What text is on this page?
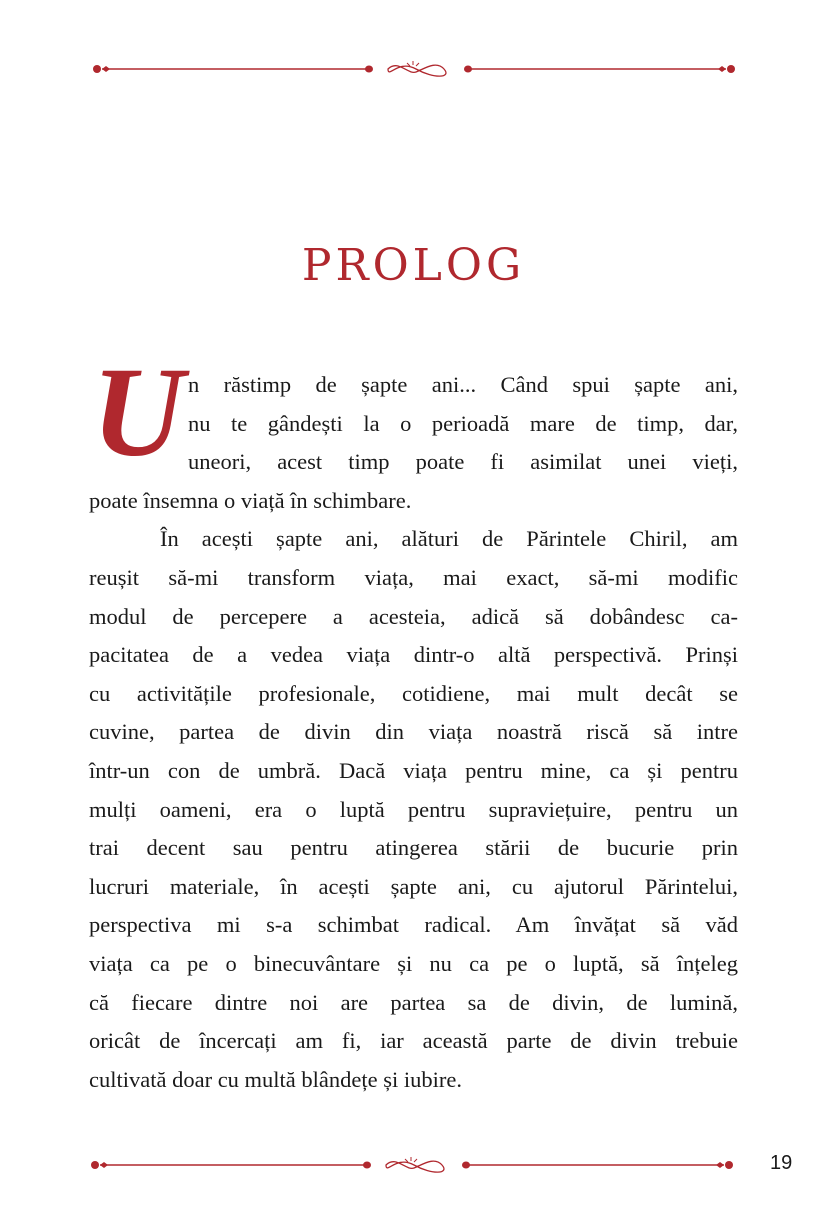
PROLOG
U n răstimp de șapte ani... Când spui șapte ani,
nu te gândești la o perioadă mare de timp, dar,
uneori, acest timp poate fi asimilat unei vieți,
poate însemna o viață în schimbare.
În acești șapte ani, alături de Părintele Chiril, am
reușit să-mi transform viața, mai exact, să-mi modific
modul de percepere a acesteia, adică să dobândesc ca-
pacitatea de a vedea viața dintr-o altă perspectivă. Prinși
cu activitățile profesionale, cotidiene, mai mult decât se
cuvine, partea de divin din viața noastră riscă să intre
într-un con de umbră. Dacă viața pentru mine, ca și pentru
mulți oameni, era o luptă pentru supraviețuire, pentru un
trai decent sau pentru atingerea stării de bucurie prin
lucruri materiale, în acești șapte ani, cu ajutorul Părintelui,
perspectiva mi s-a schimbat radical. Am învățat să văd
viața ca pe o binecuvântare și nu ca pe o luptă, să înțeleg
că fiecare dintre noi are partea sa de divin, de lumină,
oricât de încercați am fi, iar această parte de divin trebuie
cultivată doar cu multă blândețe și iubire.
19
